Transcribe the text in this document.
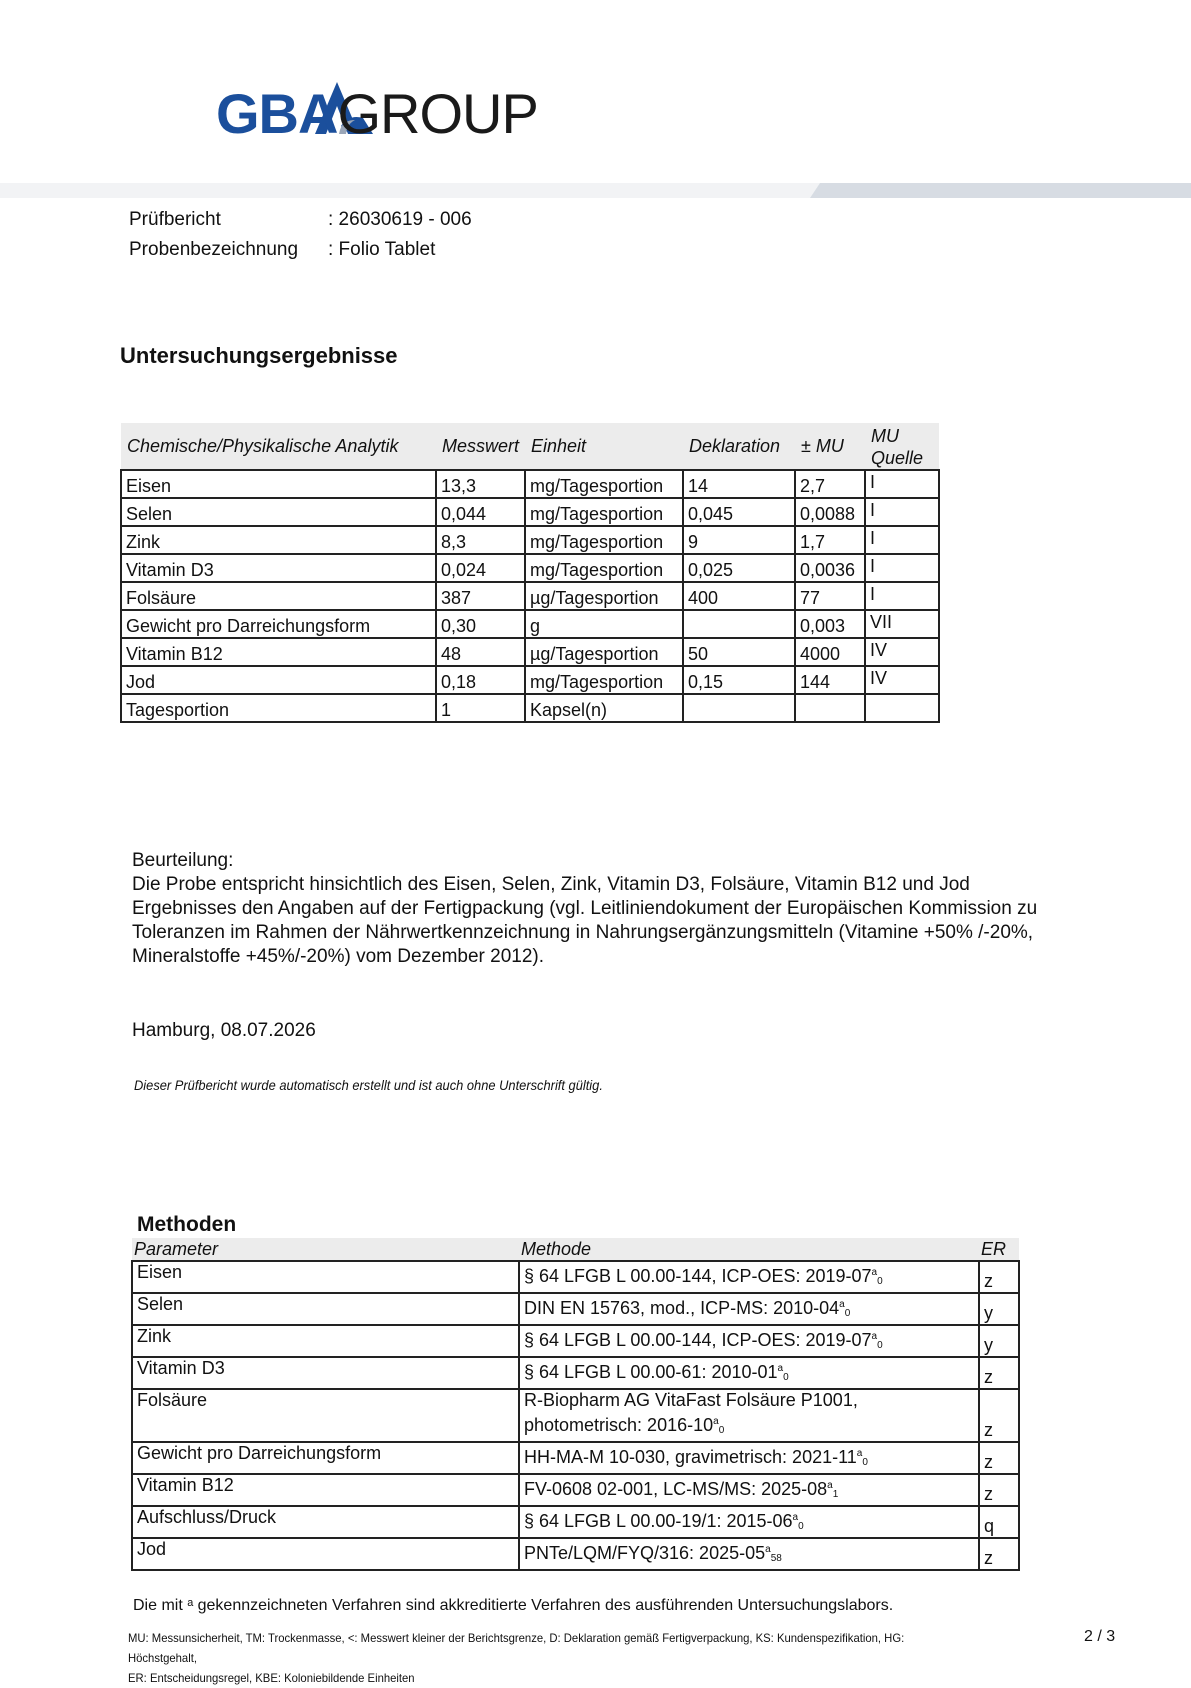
GBAGROUP
Prüfbericht	: 26030619 - 006
Probenbezeichnung : Folio Tablet
Untersuchungsergebnisse
Chemische/Physikalische Analytik	Messwert	Einheit	Deklaration	± MU	MU Quelle
Eisen	13,3	mg/Tagesportion	14	2,7	I
Selen	0,044	mg/Tagesportion	0,045	0,0088	I
Zink	8,3	mg/Tagesportion	9	1,7	I
Vitamin D3	0,024	mg/Tagesportion	0,025	0,0036	I
Folsäure	387	µg/Tagesportion	400	77	I
Gewicht pro Darreichungsform	0,30	g		0,003	VII
Vitamin B12	48	µg/Tagesportion	50	4000	IV
Jod	0,18	mg/Tagesportion	0,15	144	IV
Tagesportion	1	Kapsel(n)			
Beurteilung:
Die Probe entspricht hinsichtlich des Eisen, Selen, Zink, Vitamin D3, Folsäure, Vitamin B12 und Jod Ergebnisses den Angaben auf der Fertigpackung (vgl. Leitliniendokument der Europäischen Kommission zu Toleranzen im Rahmen der Nährwertkennzeichnung in Nahrungsergänzungsmitteln (Vitamine +50% /-20%, Mineralstoffe +45%/-20%) vom Dezember 2012).
Hamburg, 08.07.2026
Dieser Prüfbericht wurde automatisch erstellt und ist auch ohne Unterschrift gültig.
Methoden
Parameter	Methode	ER
Eisen	§ 64 LFGB L 00.00-144, ICP-OES: $2019-07^a_0$	z
Selen	DIN EN 15763, mod., ICP-MS: $2010-04^a_0$	y
Zink	§ 64 LFGB L 00.00-144, ICP-OES: $2019-07^a_0$	y
Vitamin D3	§ 64 LFGB L 00.00-61: $2010-01^a_0$	z
Folsäure	R-Biopharm AG VitaFast Folsäure P1001,
photometrisch: $2016-10^a_0$	z
Gewicht pro Darreichungsform	HH-MA-M 10-030, gravimetrisch: $2021-11^a_0$	z
Vitamin B12	FV-0608 02-001, LC-MS/MS: $2025-08^a_1$	z
Aufschluss/Druck	§ 64 LFGB L 00.00-19/1: $2015-06^a_0$	q
Jod	PNTe/LQM/FYQ/316: $2025-05^a_{58}$	z
Die mit ᵃ gekennzeichneten Verfahren sind akkreditierte Verfahren des ausführenden Untersuchungslabors.
MU: Messunsicherheit, TM: Trockenmasse, <: Messwert kleiner der Berichtsgrenze, D: Deklaration gemäß Fertigverpackung, KS: Kundenspezifikation, HG: Höchstgehalt,
ER: Entscheidungsregel, KBE: Koloniebildende Einheiten
2 / 3
